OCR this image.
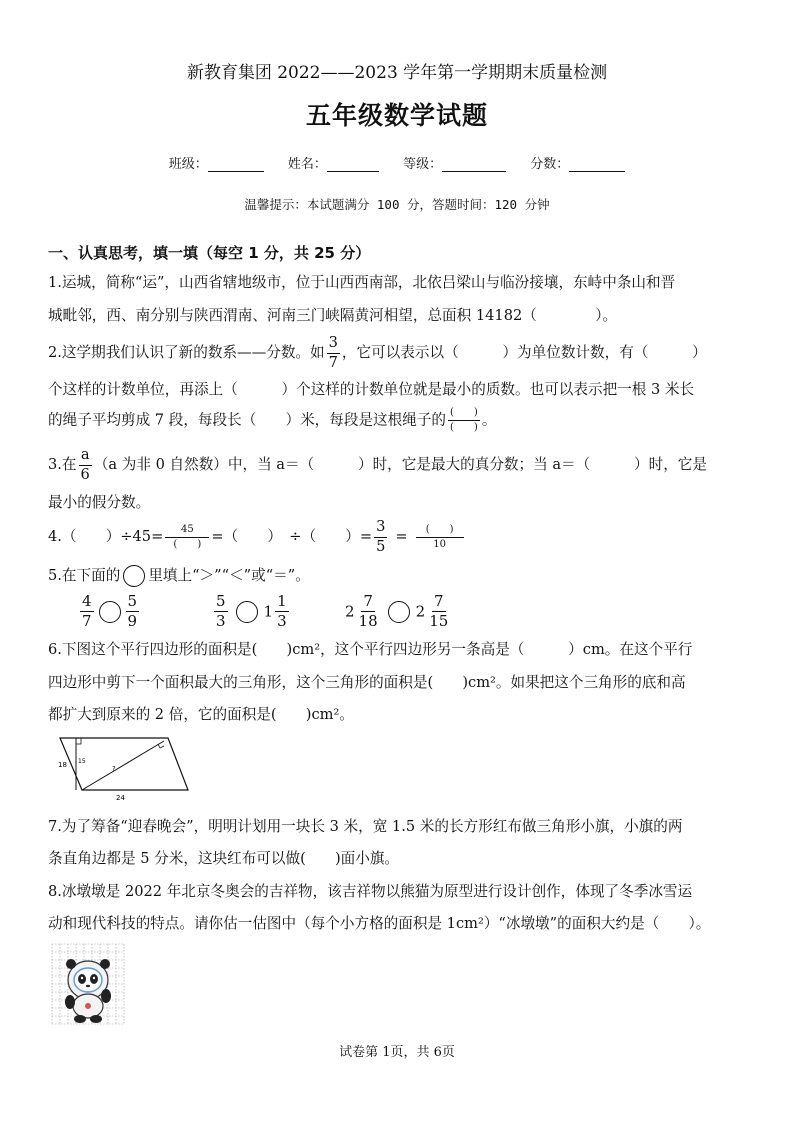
新教育集团 2022——2023 学年第一学期期末质量检测
五年级数学试题
班级：	姓名：	等级：	分数：
温馨提示：本试题满分 100 分，答题时间：120 分钟
一、认真思考，填一填（每空 1 分，共 25 分）
1.运城，简称“运”，山西省辖地级市，位于山西西南部，北依吕梁山与临汾接壤，东峙中条山和晋
城毗邻，西、南分别与陕西渭南、河南三门峡隔黄河相望，总面积 14182（　　　　）。
2.这学期我们认识了新的数系——分数。如 $\frac{3}{7}$ ，它可以表示以（　　　）为单位数计数，有（　　　）
个这样的计数单位，再添上（　　　）个这样的计数单位就是最小的质数。也可以表示把一根 3 米长
的绳子平均剪成 7 段，每段长（　　）米，每段是这根绳子的 $\frac{( )}{( )}$ 。
3.在 $\frac{a}{6} (a$ 为非 0 自然数）中，当 a＝（　　　）时，它是最大的真分数；当 a＝（　　　）时，它是
最小的假分数。
4.（　　）$\div 45= \frac{45}{( )}$ =（　　）　÷（　　）= $\frac{3}{5} = \frac{( )}{10}$
5.在下面的 里填上“＞”“＜”或“＝”。
$\frac{4}{7} \frac{5}{9}$	$\frac{5}{3} 1 \frac{1}{3}$	$2 \frac{7}{18} 2 \frac{7}{15}$
6.下图这个平行四边形的面积是(　　)cm²，这个平行四边形另一条高是（　　　）cm。在这个平行
四边形中剪下一个面积最大的三角形，这个三角形的面积是(　　)cm²。如果把这个三角形的底和高
都扩大到原来的 2 倍，它的面积是(　　)cm²。
18 15
?
24
7.为了筹备“迎春晚会”，明明计划用一块长 3 米，宽 1.5 米的长方形红布做三角形小旗，小旗的两
条直角边都是 5 分米，这块红布可以做(　　)面小旗。
8.冰墩墩是 2022 年北京冬奥会的吉祥物，该吉祥物以熊猫为原型进行设计创作，体现了冬季冰雪运
动和现代科技的特点。请你估一估图中（每个小方格的面积是 1cm²）“冰墩墩”的面积大约是（　　）。
试卷第 1页，共 6页
